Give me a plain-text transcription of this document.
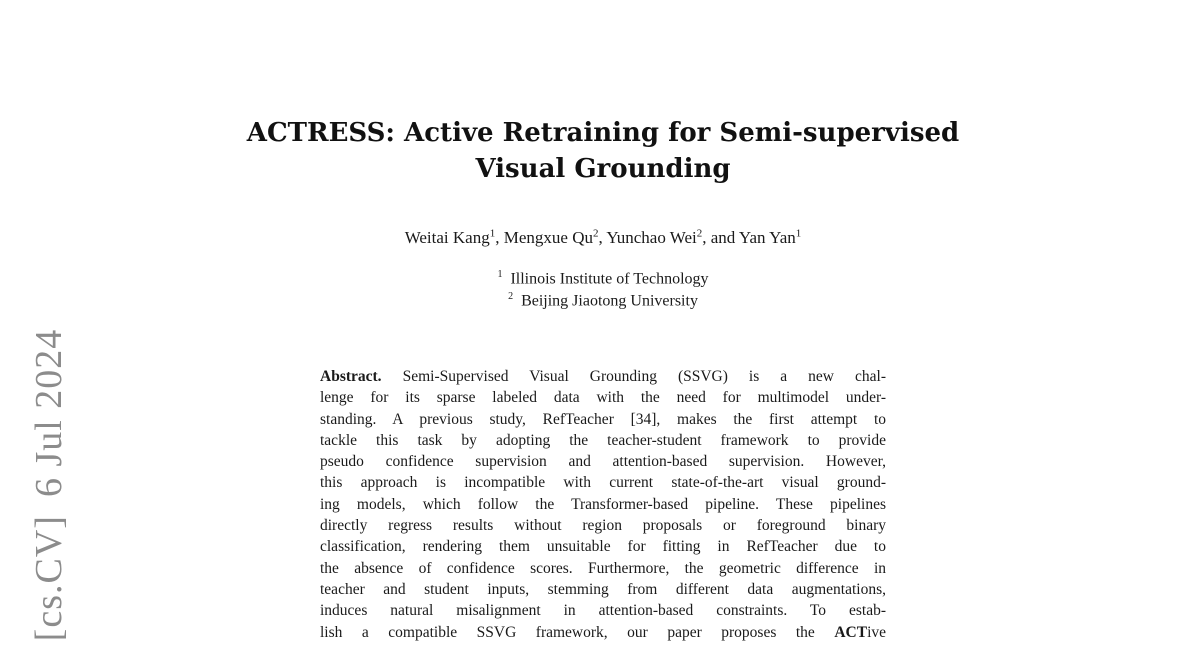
[cs.CV]6 Jul 2024
ACTRESS: Active Retraining for Semi-supervised
Visual Grounding
Weitai Kang$^1$, Mengxue Qu$^2$, Yunchao Wei$^2$, and Yan Yan$^1$
$^1$ Illinois Institute of Technology
$^2$ Beijing Jiaotong University
Abstract. Semi-Supervised Visual Grounding (SSVG) is a new chal-
lenge for its sparse labeled data with the need for multimodel under-
standing. A previous study, RefTeacher [34], makes the first attempt to
tackle this task by adopting the teacher-student framework to provide
pseudo confidence supervision and attention-based supervision. However,
this approach is incompatible with current state-of-the-art visual ground-
ing models, which follow the Transformer-based pipeline. These pipelines
directly regress results without region proposals or foreground binary
classification, rendering them unsuitable for fitting in RefTeacher due to
the absence of confidence scores. Furthermore, the geometric difference in
teacher and student inputs, stemming from different data augmentations,
induces natural misalignment in attention-based constraints. To estab-
lish a compatible SSVG framework, our paper proposes the ACTive
